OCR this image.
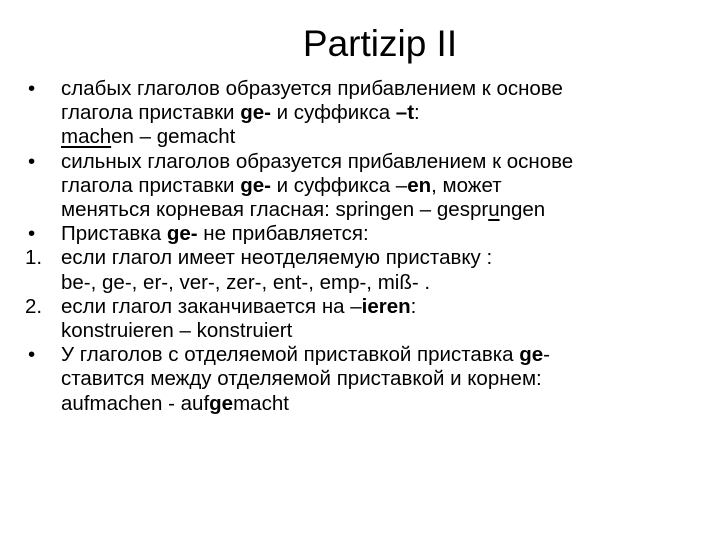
Partizip II
•	слабых глаголов образуется прибавлением к основе
глагола приставки ge- и суффикса –t:
machen – gemacht
•	сильных глаголов образуется прибавлением к основе
глагола приставки ge- и суффикса –en, может
меняться корневая гласная: springen – gesprungen
•	Приставка ge- не прибавляется:
1. если глагол имеет неотделяемую приставку :
be-, ge-, er-, ver-, zer-, ent-, emp-, miß- .
2. если глагол заканчивается на –ieren:
konstruieren – konstruiert
•	У глаголов с отделяемой приставкой приставка ge-
ставится между отделяемой приставкой и корнем:
aufmachen - aufgemacht
